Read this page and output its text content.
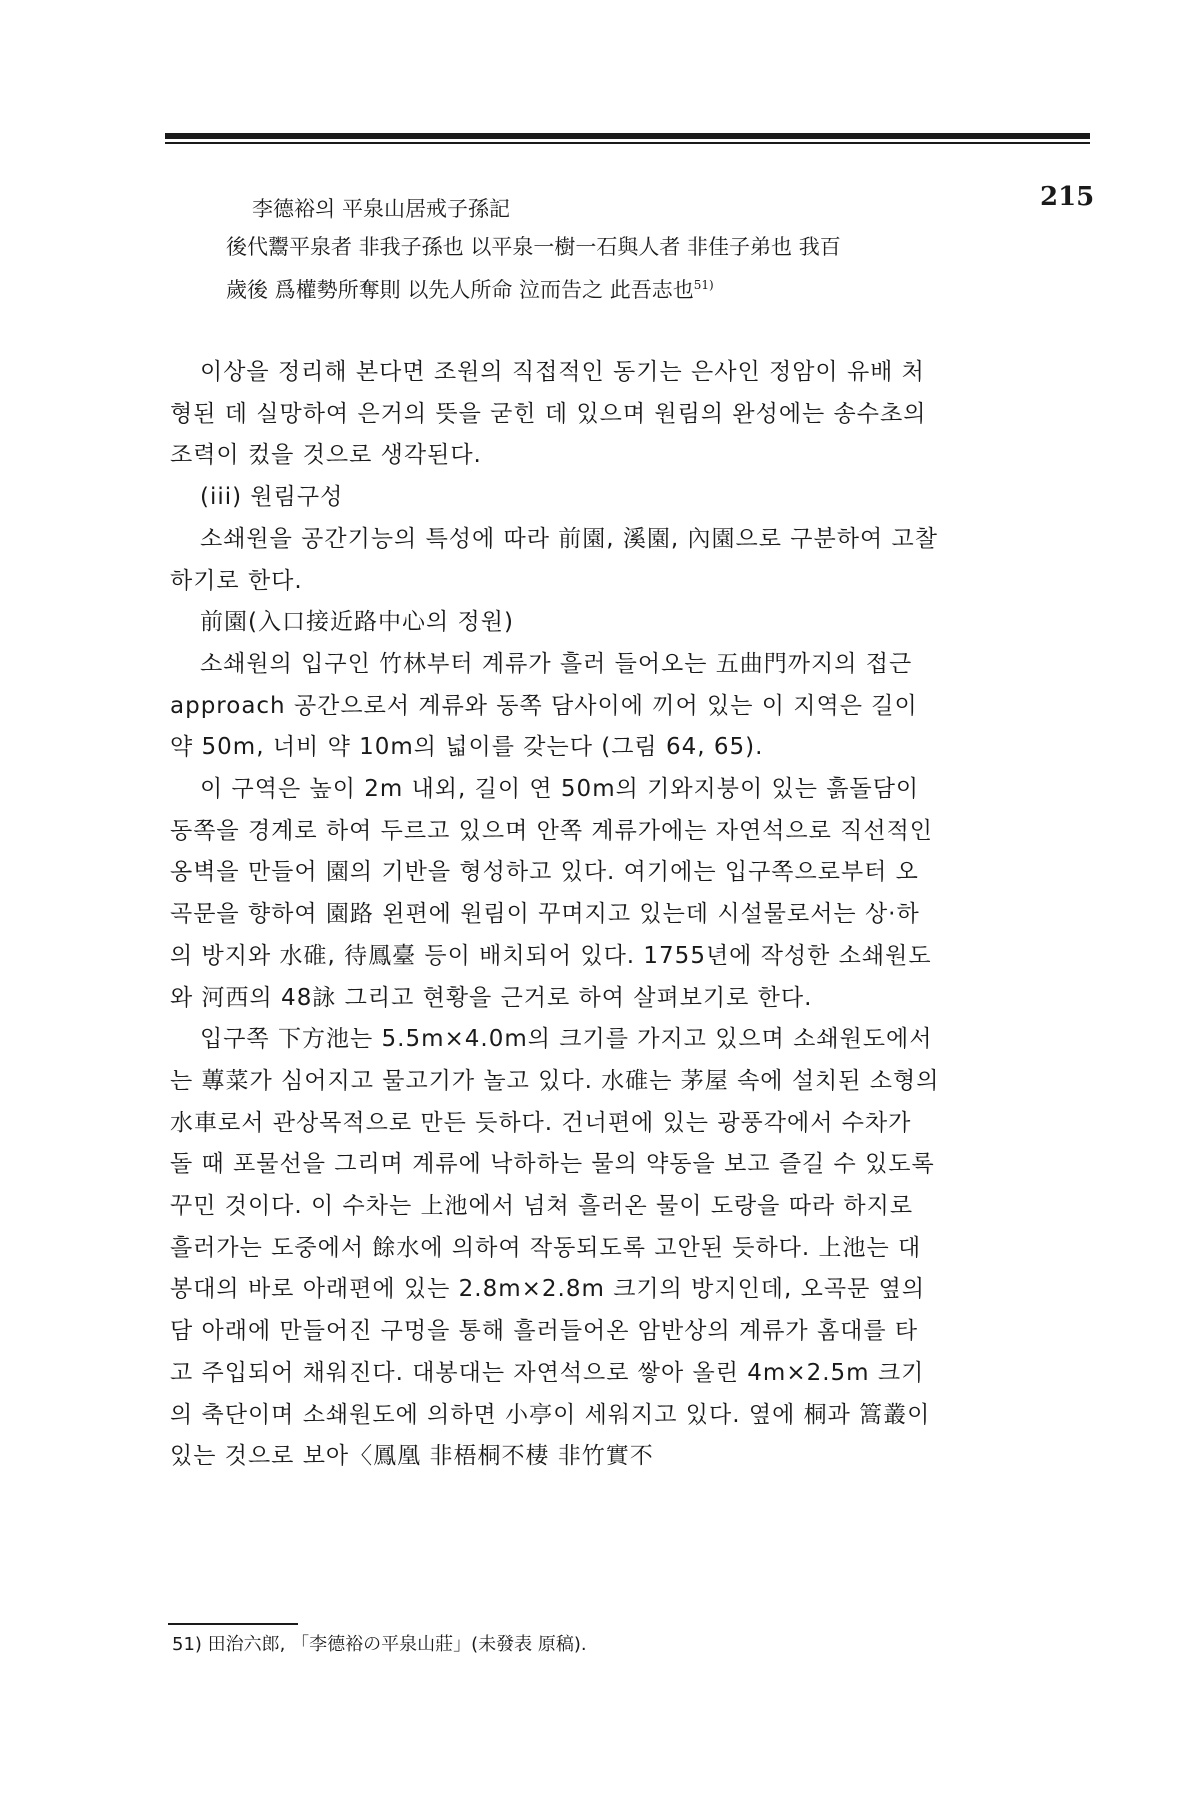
215
李德裕의 平泉山居戒子孫記
後代鬻平泉者 非我子孫也 以平泉一樹一石與人者 非佳子弟也 我百
歲後 爲權勢所奪則 以先人所命 泣而告之 此吾志也$^{51)}$

이상을 정리해 본다면 조원의 직접적인 동기는 은사인 정암이 유배 처형된 데 실망하여 은거의 뜻을 굳힌 데 있으며 원림의 완성에는 송수초의 조력이 컸을 것으로 생각된다.

(iii) 원림구성

소쇄원을 공간기능의 특성에 따라 前園, 溪園, 內園으로 구분하여 고찰하기로 한다.

前園(入口接近路中心의 정원)

소쇄원의 입구인 竹林부터 계류가 흘러 들어오는 五曲門까지의 접근 approach 공간으로서 계류와 동쪽 담사이에 끼어 있는 이 지역은 길이 약 50m, 너비 약 10m의 넓이를 갖는다 (그림 64, 65).

이 구역은 높이 2m 내외, 길이 연 50m의 기와지붕이 있는 흙돌담이 동쪽을 경계로 하여 두르고 있으며 안쪽 계류가에는 자연석으로 직선적인 옹벽을 만들어 園의 기반을 형성하고 있다. 여기에는 입구쪽으로부터 오곡문을 향하여 園路 왼편에 원림이 꾸며지고 있는데 시설물로서는 상·하의 방지와 水碓, 待鳳臺 등이 배치되어 있다. 1755년에 작성한 소쇄원도와 河西의 48詠 그리고 현황을 근거로 하여 살펴보기로 한다.

입구쪽 下方池는 5.5m×4.0m의 크기를 가지고 있으며 소쇄원도에서는 蓴菜가 심어지고 물고기가 놀고 있다. 水碓는 茅屋 속에 설치된 소형의 水車로서 관상목적으로 만든 듯하다. 건너편에 있는 광풍각에서 수차가 돌 때 포물선을 그리며 계류에 낙하하는 물의 약동을 보고 즐길 수 있도록 꾸민 것이다. 이 수차는 上池에서 넘쳐 흘러온 물이 도랑을 따라 하지로 흘러가는 도중에서 餘水에 의하여 작동되도록 고안된 듯하다. 上池는 대봉대의 바로 아래편에 있는 2.8m×2.8m 크기의 방지인데, 오곡문 옆의 담 아래에 만들어진 구멍을 통해 흘러들어온 암반상의 계류가 홈대를 타고 주입되어 채워진다. 대봉대는 자연석으로 쌓아 올린 4m×2.5m 크기의 축단이며 소쇄원도에 의하면 小亭이 세워지고 있다. 옆에 桐과 篙叢이 있는 것으로 보아〈鳳凰 非梧桐不棲 非竹實不

51) 田治六郎, 「李德裕の平泉山莊」(未發表 原稿).
